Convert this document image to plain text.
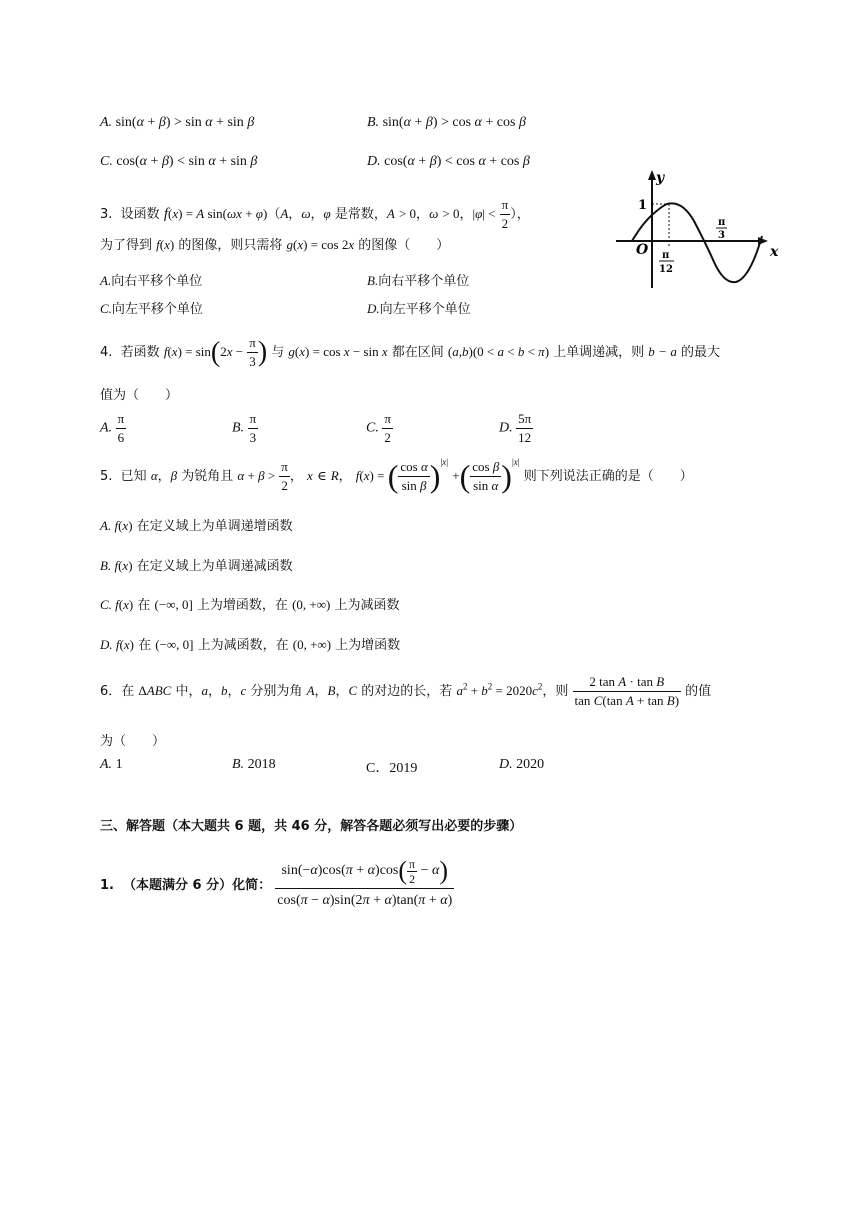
A. sin(α + β) > sin α + sin β	B. sin(α + β) > cos α + cos β
C. cos(α + β) < sin α + sin β	D. cos(α + β) < cos α + cos β
3.  设函数 f(x) = A sin(ωx + φ)（A，ω，φ 是常数，A > 0，ω > 0，$|\varphi| < \frac{\pi}{2}$ ），
为了得到 f(x) 的图像，则只需将 g(x) = cos 2x 的图像（　　）
A.向右平移个单位	B.向右平移个单位
C.向左平移个单位	D.向左平移个单位
y
x
O
1
π
12
π
3
4.  若函数 $f(x) = \sin(2x - \frac{\pi}{3}$ ) 与 g(x) = cos x − sin x 都在区间 (a,b)(0 < a < b < π) 上单调递减，则 b − a 的最大
值为（　　）
A. $\frac{\pi}{6}$	B. $\frac{\pi}{3}$	C. $\frac{\pi}{2}$	D. $\frac{5\pi}{12}$
5.  已知 α，β 为锐角且 $\alpha + \beta > \frac{\pi}{2}$ ， x ∈ R， f(x) = ( $\frac{\text{cos α}}{\text{sin β}} )^{|x|}$ +( $\frac{\text{cos β}}{\text{sin α}} )^{|x|}$ 则下列说法正确的是（　　）
A. f(x) 在定义域上为单调递增函数
B. f(x) 在定义域上为单调递减函数
C. f(x) 在 (−∞, 0] 上为增函数，在 (0, +∞) 上为减函数
D. f(x) 在 (−∞, 0] 上为减函数，在 (0, +∞) 上为增函数
6．在 ΔABC 中，a，b，c 分别为角 A，B，C 的对边的长，若 $a^2 + b^2 = 2020c^2$，则 $\frac{\text{2 tan A · tan B}}{\text{tan C(tan A + tan B)}}$ 的值
为（　　）
A. 1	B. 2018	C．2019	D. 2020
三、解答题（本大题共 6 题，共 46 分，解答各题必须写出必要的步骤）
1.  （本题满分 6 分）化简： $\frac{\sin(-\alpha)\cos(\pi + \alpha)\cos( \frac{\pi}{2} - \alpha)}{\cos(\pi - \alpha)\sin(2\pi + \alpha)\tan(\pi + \alpha)}$
